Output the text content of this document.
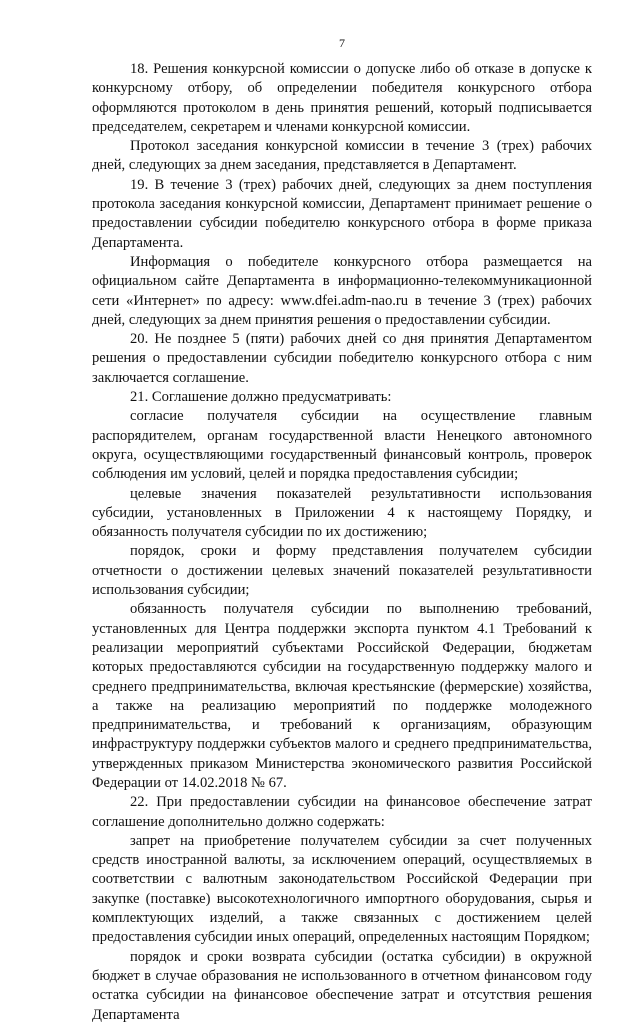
7

18. Решения конкурсной комиссии о допуске либо об отказе в допуске к конкурсному отбору, об определении победителя конкурсного отбора оформляются протоколом в день принятия решений, который подписывается председателем, секретарем и членами конкурсной комиссии.

Протокол заседания конкурсной комиссии в течение 3 (трех) рабочих дней, следующих за днем заседания, представляется в Департамент.

19. В течение 3 (трех) рабочих дней, следующих за днем поступления протокола заседания конкурсной комиссии, Департамент принимает решение о предоставлении субсидии победителю конкурсного отбора в форме приказа Департамента.

Информация о победителе конкурсного отбора размещается на официальном сайте Департамента в информационно-телекоммуникационной сети «Интернет» по адресу: www.dfei.adm-nao.ru в течение 3 (трех) рабочих дней, следующих за днем принятия решения о предоставлении субсидии.

20. Не позднее 5 (пяти) рабочих дней со дня принятия Департаментом решения о предоставлении субсидии победителю конкурсного отбора с ним заключается соглашение.

21. Соглашение должно предусматривать:

согласие получателя субсидии на осуществление главным распорядителем, органам государственной власти Ненецкого автономного округа, осуществляющими государственный финансовый контроль, проверок соблюдения им условий, целей и порядка предоставления субсидии;

целевые значения показателей результативности использования субсидии, установленных в Приложении 4 к настоящему Порядку, и обязанность получателя субсидии по их достижению;

порядок, сроки и форму представления получателем субсидии отчетности о достижении целевых значений показателей результативности использования субсидии;

обязанность получателя субсидии по выполнению требований, установленных для Центра поддержки экспорта пунктом 4.1 Требований к реализации мероприятий субъектами Российской Федерации, бюджетам которых предоставляются субсидии на государственную поддержку малого и среднего предпринимательства, включая крестьянские (фермерские) хозяйства, а также на реализацию мероприятий по поддержке молодежного предпринимательства, и требований к организациям, образующим инфраструктуру поддержки субъектов малого и среднего предпринимательства, утвержденных приказом Министерства экономического развития Российской Федерации от 14.02.2018 № 67.

22. При предоставлении субсидии на финансовое обеспечение затрат соглашение дополнительно должно содержать:

запрет на приобретение получателем субсидии за счет полученных средств иностранной валюты, за исключением операций, осуществляемых в соответствии с валютным законодательством Российской Федерации при закупке (поставке) высокотехнологичного импортного оборудования, сырья и комплектующих изделий, а также связанных с достижением целей предоставления субсидии иных операций, определенных настоящим Порядком;

порядок и сроки возврата субсидии (остатка субсидии) в окружной бюджет в случае образования не использованного в отчетном финансовом году остатка субсидии на финансовое обеспечение затрат и отсутствия решения Департамента
